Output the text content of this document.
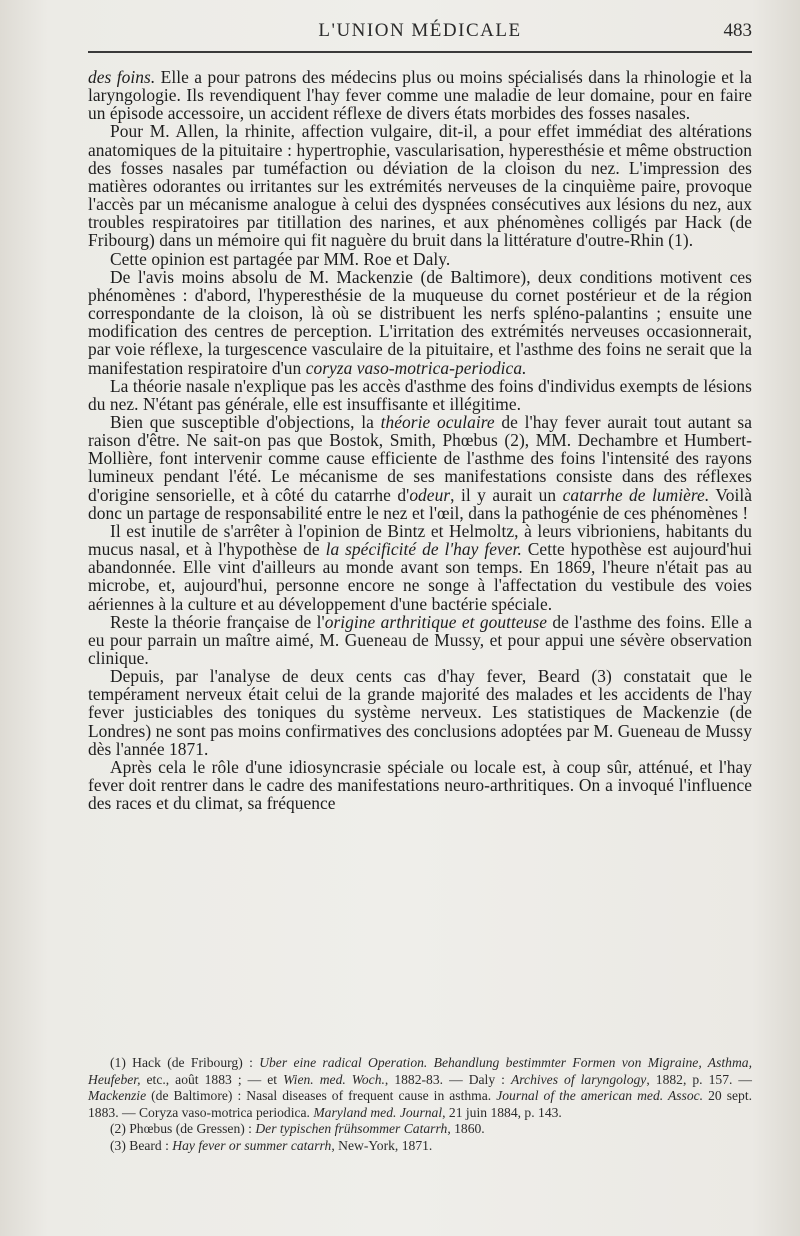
L'UNION MÉDICALE	483

des foins. Elle a pour patrons des médecins plus ou moins spécialisés dans la rhinologie et la laryngologie. Ils revendiquent l'hay fever comme une maladie de leur domaine, pour en faire un épisode accessoire, un accident réflexe de divers états morbides des fosses nasales.

Pour M. Allen, la rhinite, affection vulgaire, dit-il, a pour effet immédiat des altérations anatomiques de la pituitaire : hypertrophie, vascularisation, hyperesthésie et même obstruction des fosses nasales par tuméfaction ou déviation de la cloison du nez. L'impression des matières odorantes ou irritantes sur les extrémités nerveuses de la cinquième paire, provoque l'accès par un mécanisme analogue à celui des dyspnées consécutives aux lésions du nez, aux troubles respiratoires par titillation des narines, et aux phénomènes colligés par Hack (de Fribourg) dans un mémoire qui fit naguère du bruit dans la littérature d'outre-Rhin (1).

Cette opinion est partagée par MM. Roe et Daly.

De l'avis moins absolu de M. Mackenzie (de Baltimore), deux conditions motivent ces phénomènes : d'abord, l'hyperesthésie de la muqueuse du cornet postérieur et de la région correspondante de la cloison, là où se distribuent les nerfs spléno-palantins ; ensuite une modification des centres de perception. L'irritation des extrémités nerveuses occasionnerait, par voie réflexe, la turgescence vasculaire de la pituitaire, et l'asthme des foins ne serait que la manifestation respiratoire d'un coryza vaso-motrica-periodica.

La théorie nasale n'explique pas les accès d'asthme des foins d'individus exempts de lésions du nez. N'étant pas générale, elle est insuffisante et illégitime.

Bien que susceptible d'objections, la théorie oculaire de l'hay fever aurait tout autant sa raison d'être. Ne sait-on pas que Bostok, Smith, Phœbus (2), MM. Dechambre et Humbert-Mollière, font intervenir comme cause efficiente de l'asthme des foins l'intensité des rayons lumineux pendant l'été. Le mécanisme de ses manifestations consiste dans des réflexes d'origine sensorielle, et à côté du catarrhe d'odeur, il y aurait un catarrhe de lumière. Voilà donc un partage de responsabilité entre le nez et l'œil, dans la pathogénie de ces phénomènes !

Il est inutile de s'arrêter à l'opinion de Bintz et Helmoltz, à leurs vibrioniens, habitants du mucus nasal, et à l'hypothèse de la spécificité de l'hay fever. Cette hypothèse est aujourd'hui abandonnée. Elle vint d'ailleurs au monde avant son temps. En 1869, l'heure n'était pas au microbe, et, aujourd'hui, personne encore ne songe à l'affectation du vestibule des voies aériennes à la culture et au développement d'une bactérie spéciale.

Reste la théorie française de l'origine arthritique et goutteuse de l'asthme des foins. Elle a eu pour parrain un maître aimé, M. Gueneau de Mussy, et pour appui une sévère observation clinique.

Depuis, par l'analyse de deux cents cas d'hay fever, Beard (3) constatait que le tempérament nerveux était celui de la grande majorité des malades et les accidents de l'hay fever justiciables des toniques du système nerveux. Les statistiques de Mackenzie (de Londres) ne sont pas moins confirmatives des conclusions adoptées par M. Gueneau de Mussy dès l'année 1871.

Après cela le rôle d'une idiosyncrasie spéciale ou locale est, à coup sûr, atténué, et l'hay fever doit rentrer dans le cadre des manifestations neuro-arthritiques. On a invoqué l'influence des races et du climat, sa fréquence

(1) Hack (de Fribourg) : Uber eine radical Operation. Behandlung bestimmter Formen von Migraine, Asthma, Heufeber, etc., août 1883 ; — et Wien. med. Woch., 1882-83. — Daly : Archives of laryngology, 1882, p. 157. — Mackenzie (de Baltimore) : Nasal diseases of frequent cause in asthma. Journal of the american med. Assoc. 20 sept. 1883. — Coryza vaso-motrica periodica. Maryland med. Journal, 21 juin 1884, p. 143.

(2) Phœbus (de Gressen) : Der typischen frühsommer Catarrh, 1860.

(3) Beard : Hay fever or summer catarrh, New-York, 1871.
